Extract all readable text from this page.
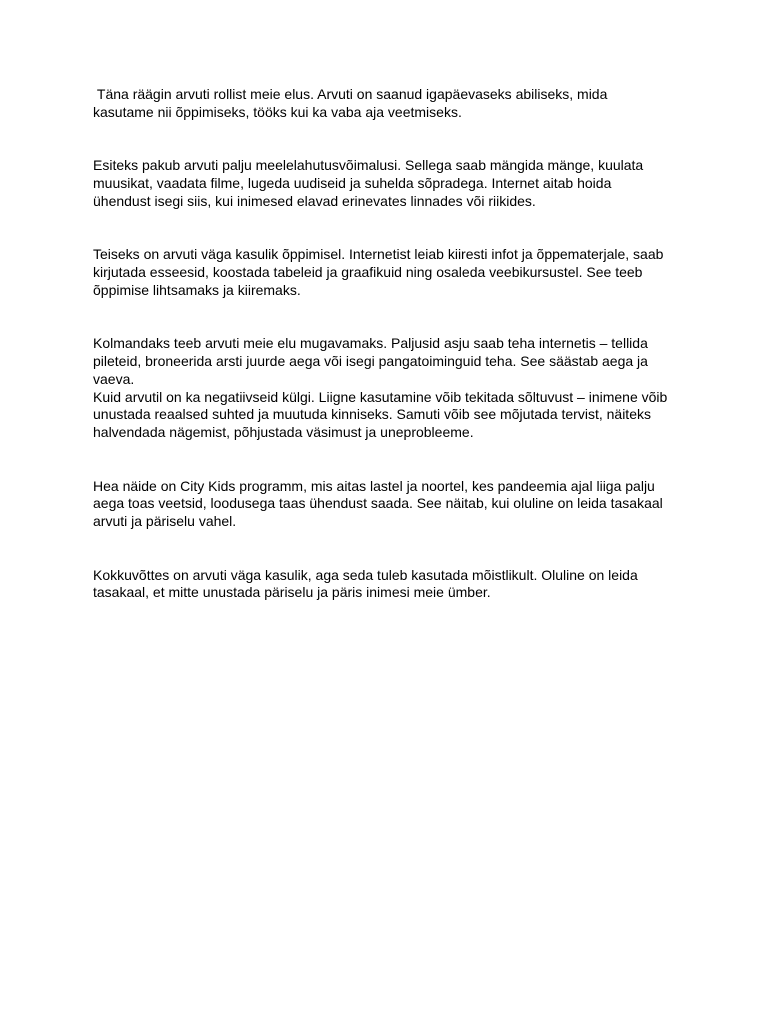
Täna räägin arvuti rollist meie elus. Arvuti on saanud igapäevaseks abiliseks, mida
kasutame nii õppimiseks, tööks kui ka vaba aja veetmiseks.

Esiteks pakub arvuti palju meelelahutusvõimalusi. Sellega saab mängida mänge, kuulata
muusikat, vaadata filme, lugeda uudiseid ja suhelda sõpradega. Internet aitab hoida
ühendust isegi siis, kui inimesed elavad erinevates linnades või riikides.

Teiseks on arvuti väga kasulik õppimisel. Internetist leiab kiiresti infot ja õppematerjale, saab
kirjutada esseesid, koostada tabeleid ja graafikuid ning osaleda veebikursustel. See teeb
õppimise lihtsamaks ja kiiremaks.

Kolmandaks teeb arvuti meie elu mugavamaks. Paljusid asju saab teha internetis – tellida
pileteid, broneerida arsti juurde aega või isegi pangatoiminguid teha. See säästab aega ja
vaeva.
Kuid arvutil on ka negatiivseid külgi. Liigne kasutamine võib tekitada sõltuvust – inimene võib
unustada reaalsed suhted ja muutuda kinniseks. Samuti võib see mõjutada tervist, näiteks
halvendada nägemist, põhjustada väsimust ja uneprobleeme.

Hea näide on City Kids programm, mis aitas lastel ja noortel, kes pandeemia ajal liiga palju
aega toas veetsid, loodusega taas ühendust saada. See näitab, kui oluline on leida tasakaal
arvuti ja päriselu vahel.

Kokkuvõttes on arvuti väga kasulik, aga seda tuleb kasutada mõistlikult. Oluline on leida
tasakaal, et mitte unustada päriselu ja päris inimesi meie ümber.
